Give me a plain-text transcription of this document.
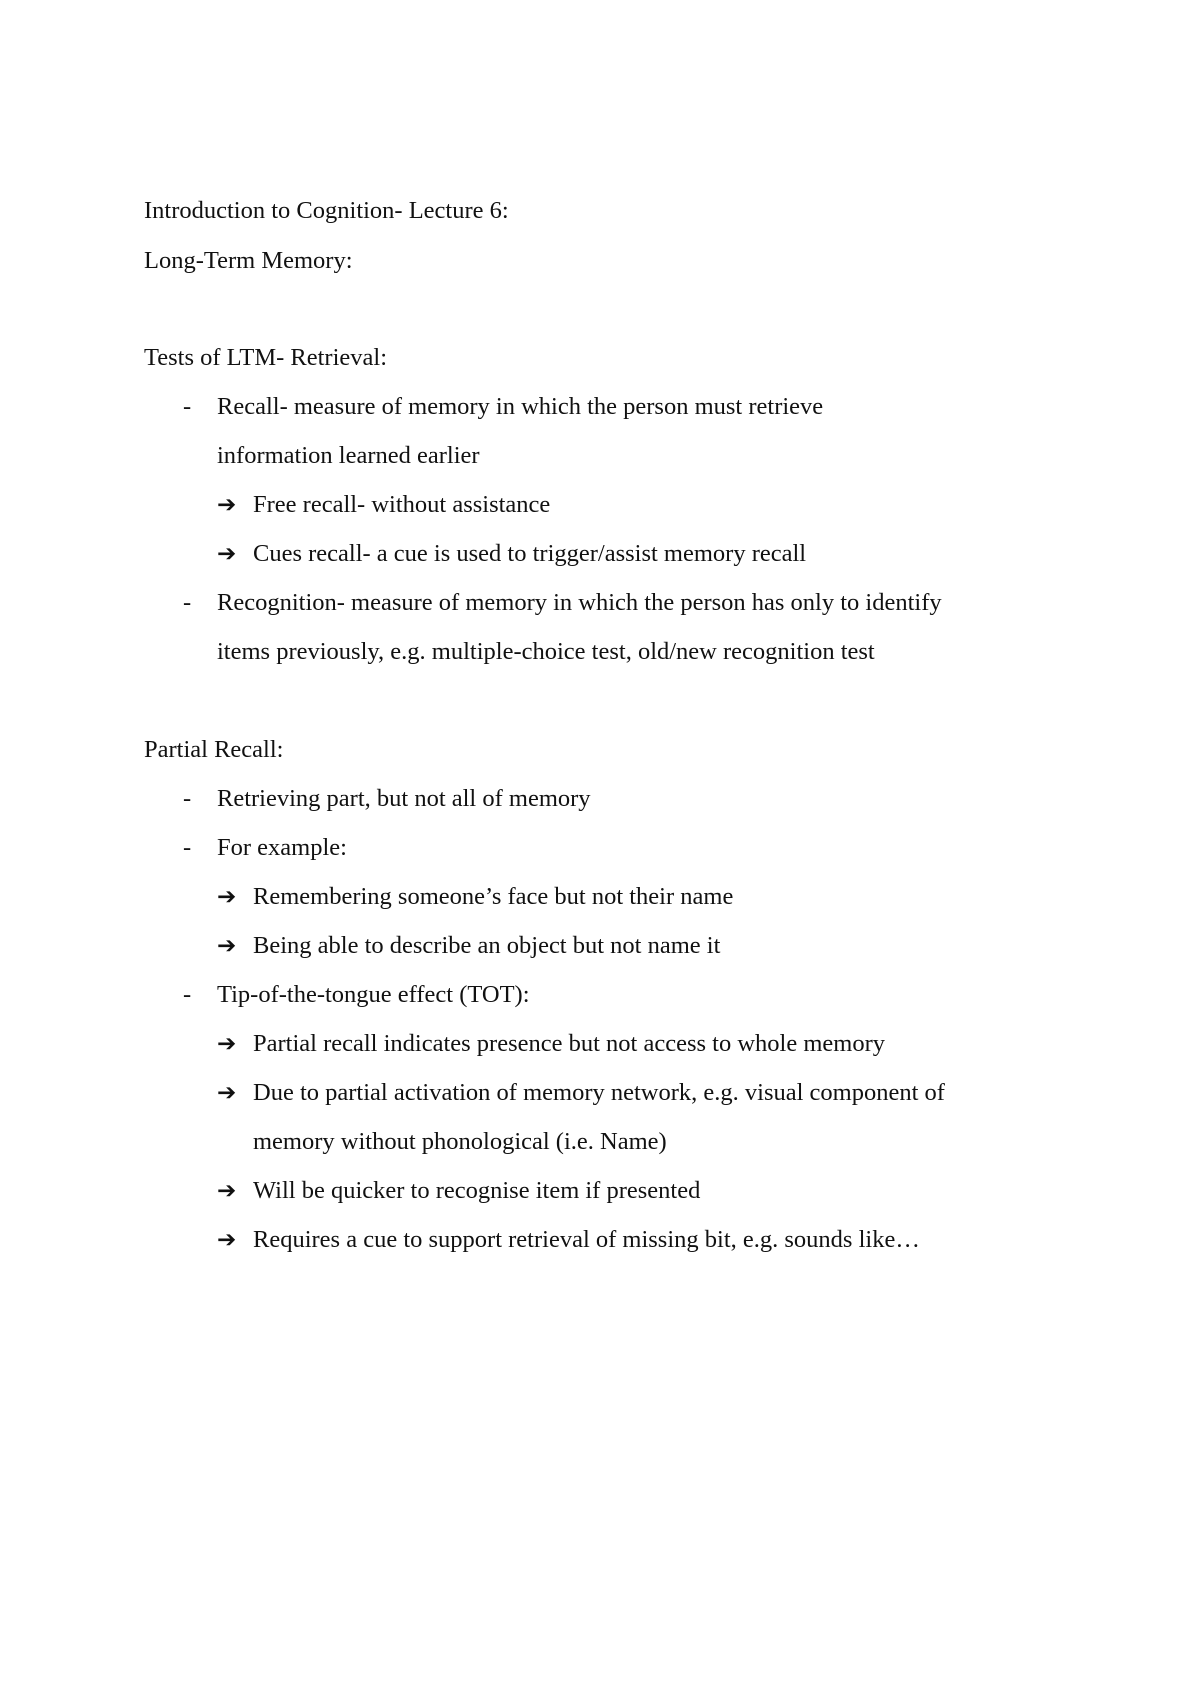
Introduction to Cognition- Lecture 6:
Long-Term Memory:
Tests of LTM- Retrieval:
- Recall- measure of memory in which the person must retrieve
information learned earlier
➔ Free recall- without assistance
➔ Cues recall- a cue is used to trigger/assist memory recall
- Recognition- measure of memory in which the person has only to identify
items previously, e.g. multiple-choice test, old/new recognition test
Partial Recall:
- Retrieving part, but not all of memory
- For example:
➔ Remembering someone’s face but not their name
➔ Being able to describe an object but not name it
- Tip-of-the-tongue effect (TOT):
➔ Partial recall indicates presence but not access to whole memory
➔ Due to partial activation of memory network, e.g. visual component of
memory without phonological (i.e. Name)
➔ Will be quicker to recognise item if presented
➔ Requires a cue to support retrieval of missing bit, e.g. sounds like…
